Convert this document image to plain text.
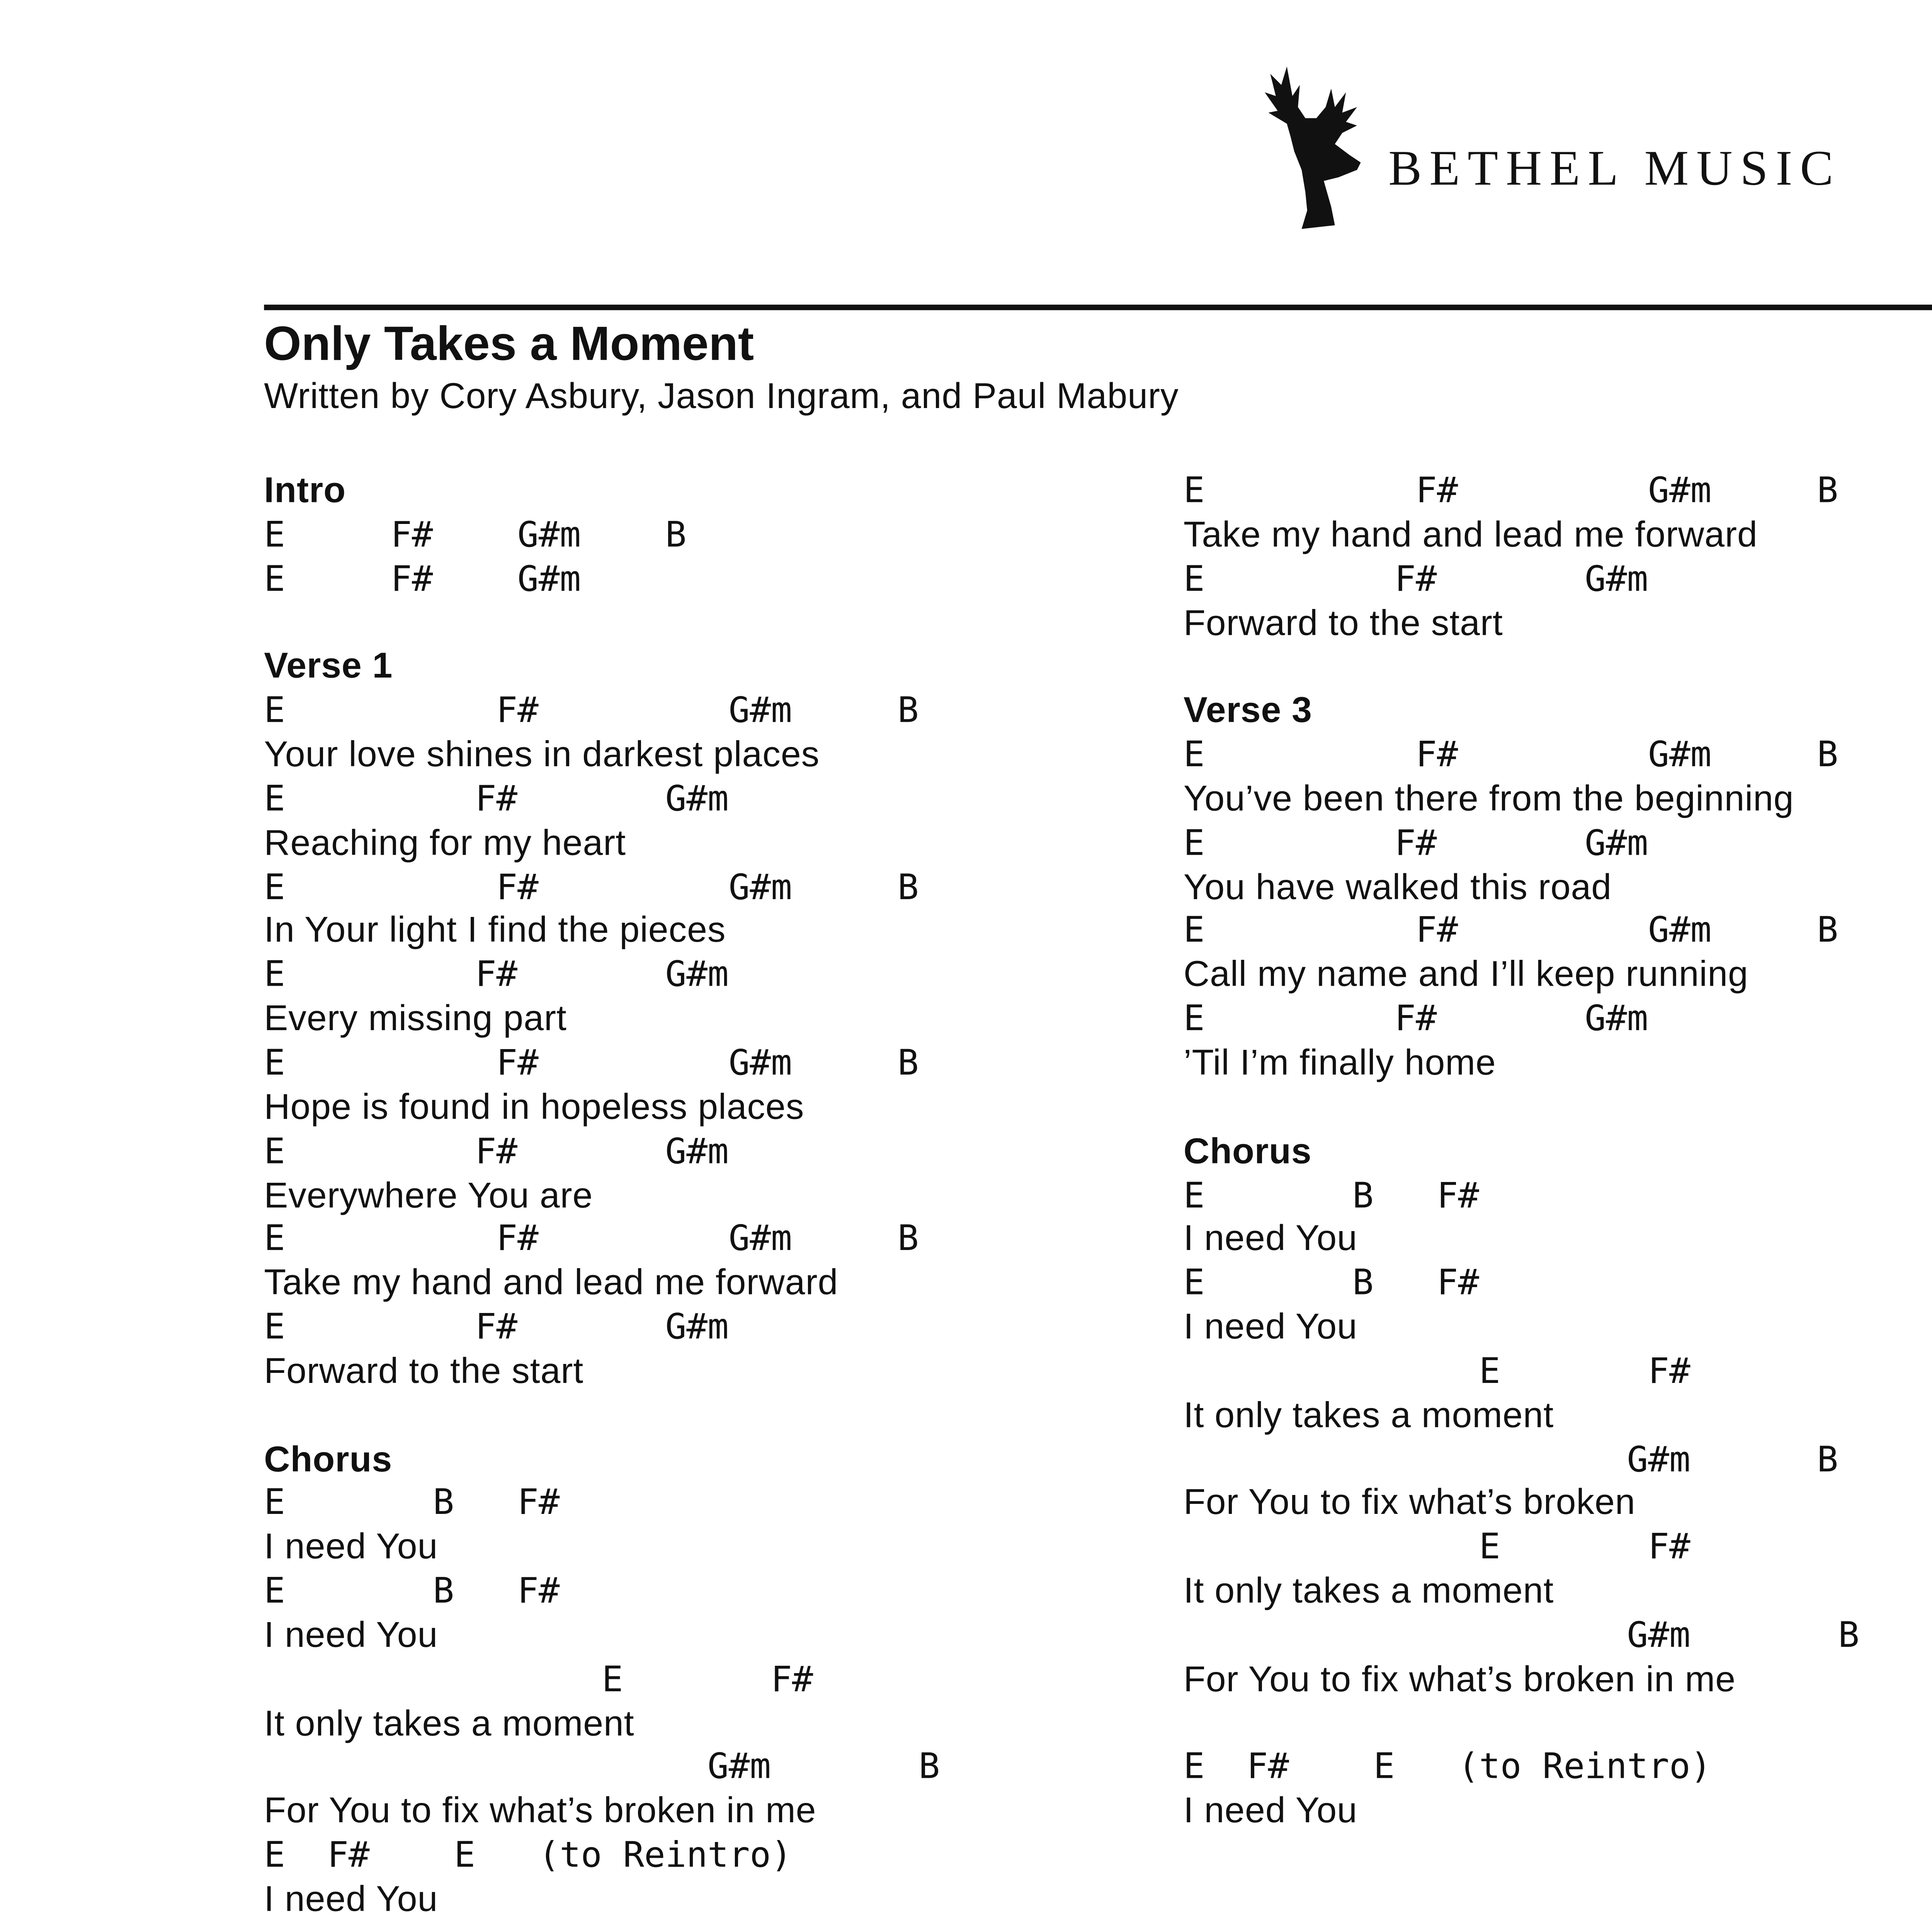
BETHEL MUSIC
Only Takes a Moment
Written by Cory Asbury, Jason Ingram, and Paul Mabury
Intro
E     F#    G#m    B
E     F#    G#m
Verse 1
E          F#         G#m     B
Your love shines in darkest places
E         F#       G#m
Reaching for my heart
E          F#         G#m     B
In Your light I find the pieces
E         F#       G#m
Every missing part
E          F#         G#m     B
Hope is found in hopeless places
E         F#       G#m
Everywhere You are
E          F#         G#m     B
Take my hand and lead me forward
E         F#       G#m
Forward to the start
Chorus
E       B   F#
I need You
E       B   F#
I need You
E       F#
It only takes a moment
G#m       B
For You to fix what’s broken in me
E  F#    E   (to Reintro)
I need You
E          F#         G#m     B
Take my hand and lead me forward
E         F#       G#m
Forward to the start
Verse 3
E          F#         G#m     B
You’ve been there from the beginning
E         F#       G#m
You have walked this road
E          F#         G#m     B
Call my name and I’ll keep running
E         F#       G#m
’Til I’m finally home
Chorus
E       B   F#
I need You
E       B   F#
I need You
E       F#
It only takes a moment
G#m      B
For You to fix what’s broken
E       F#
It only takes a moment
G#m       B
For You to fix what’s broken in me
E  F#    E   (to Reintro)
I need You
